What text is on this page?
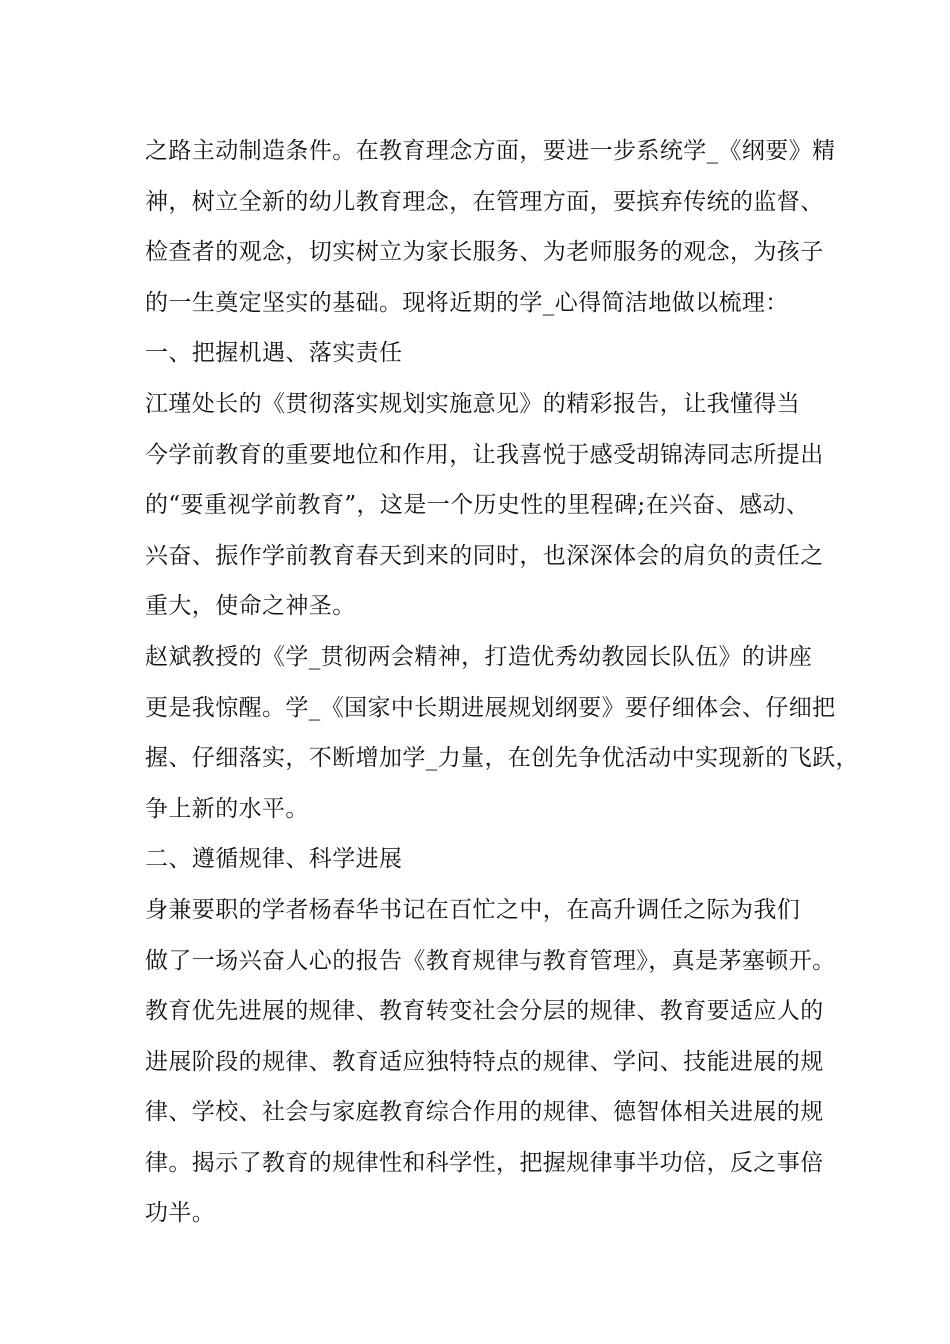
之路主动制造条件。在教育理念方面，要进一步系统学_《纲要》精
神，树立全新的幼儿教育理念，在管理方面，要摈弃传统的监督、
检查者的观念，切实树立为家长服务、为老师服务的观念，为孩子
的一生奠定坚实的基础。现将近期的学_心得简洁地做以梳理：
一、把握机遇、落实责任
江瑾处长的《贯彻落实规划实施意见》的精彩报告，让我懂得当
今学前教育的重要地位和作用，让我喜悦于感受胡锦涛同志所提出
的“要重视学前教育”，这是一个历史性的里程碑;在兴奋、感动、
兴奋、振作学前教育春天到来的同时，也深深体会的肩负的责任之
重大，使命之神圣。
赵斌教授的《学_贯彻两会精神，打造优秀幼教园长队伍》的讲座
更是我惊醒。学_《国家中长期进展规划纲要》要仔细体会、仔细把
握、仔细落实，不断增加学_力量，在创先争优活动中实现新的飞跃，
争上新的水平。
二、遵循规律、科学进展
身兼要职的学者杨春华书记在百忙之中，在高升调任之际为我们
做了一场兴奋人心的报告《教育规律与教育管理》，真是茅塞顿开。
教育优先进展的规律、教育转变社会分层的规律、教育要适应人的
进展阶段的规律、教育适应独特特点的规律、学问、技能进展的规
律、学校、社会与家庭教育综合作用的规律、德智体相关进展的规
律。揭示了教育的规律性和科学性，把握规律事半功倍，反之事倍
功半。
